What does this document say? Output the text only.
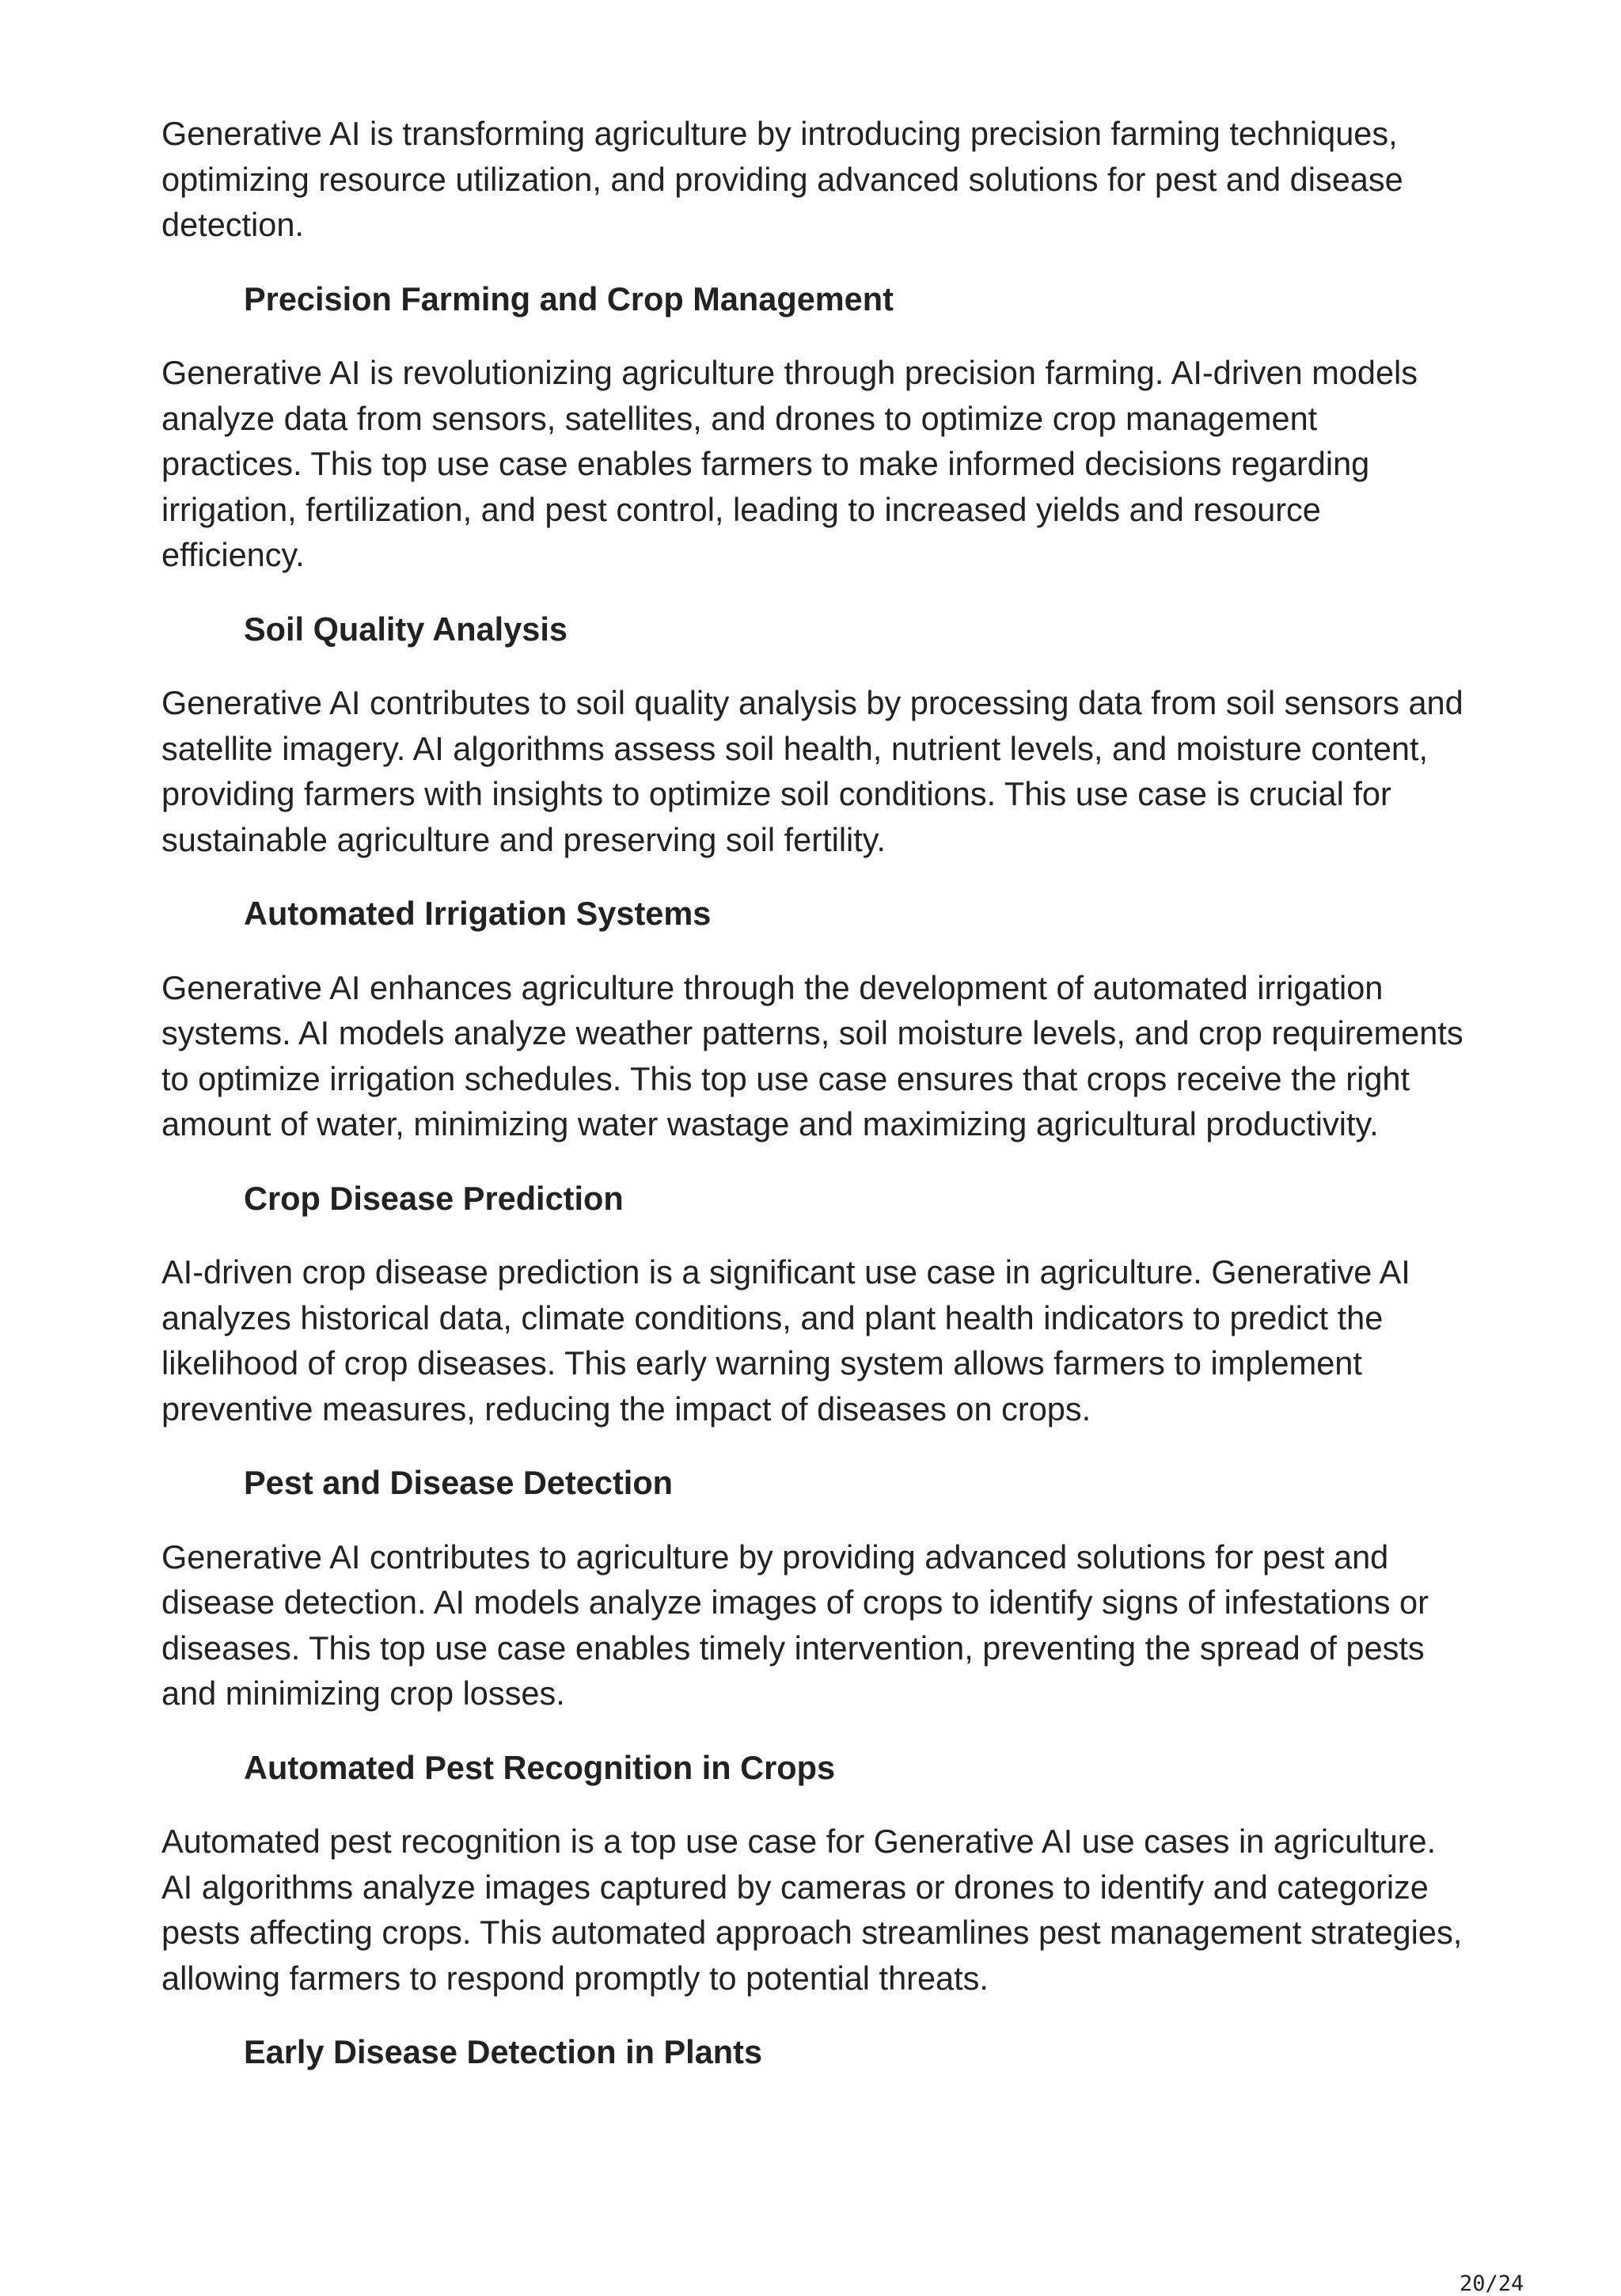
Generative AI is transforming agriculture by introducing precision farming techniques,
optimizing resource utilization, and providing advanced solutions for pest and disease
detection.

Precision Farming and Crop Management

Generative AI is revolutionizing agriculture through precision farming. AI-driven models
analyze data from sensors, satellites, and drones to optimize crop management
practices. This top use case enables farmers to make informed decisions regarding
irrigation, fertilization, and pest control, leading to increased yields and resource
efficiency.

Soil Quality Analysis

Generative AI contributes to soil quality analysis by processing data from soil sensors and
satellite imagery. AI algorithms assess soil health, nutrient levels, and moisture content,
providing farmers with insights to optimize soil conditions. This use case is crucial for
sustainable agriculture and preserving soil fertility.

Automated Irrigation Systems

Generative AI enhances agriculture through the development of automated irrigation
systems. AI models analyze weather patterns, soil moisture levels, and crop requirements
to optimize irrigation schedules. This top use case ensures that crops receive the right
amount of water, minimizing water wastage and maximizing agricultural productivity.

Crop Disease Prediction

AI-driven crop disease prediction is a significant use case in agriculture. Generative AI
analyzes historical data, climate conditions, and plant health indicators to predict the
likelihood of crop diseases. This early warning system allows farmers to implement
preventive measures, reducing the impact of diseases on crops.

Pest and Disease Detection

Generative AI contributes to agriculture by providing advanced solutions for pest and
disease detection. AI models analyze images of crops to identify signs of infestations or
diseases. This top use case enables timely intervention, preventing the spread of pests
and minimizing crop losses.

Automated Pest Recognition in Crops

Automated pest recognition is a top use case for Generative AI use cases in agriculture.
AI algorithms analyze images captured by cameras or drones to identify and categorize
pests affecting crops. This automated approach streamlines pest management strategies,
allowing farmers to respond promptly to potential threats.

Early Disease Detection in Plants
20/24
